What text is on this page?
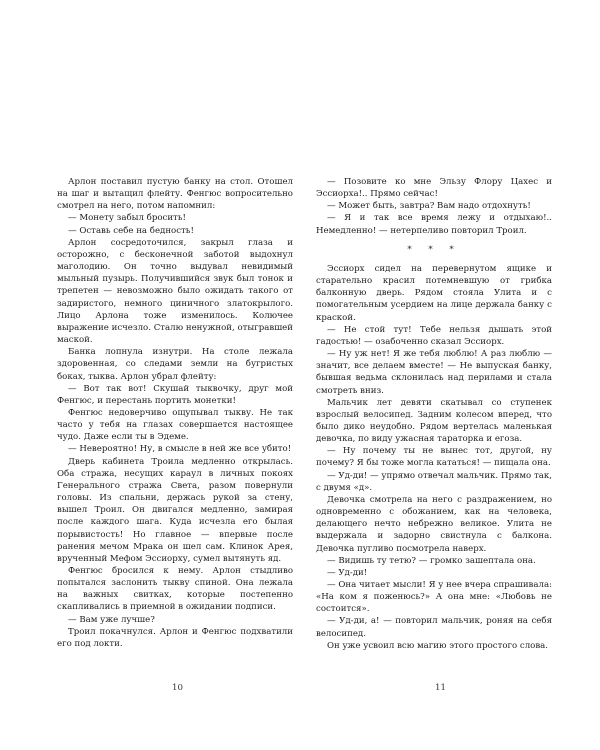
Арлон поставил пустую банку на стол. Отошел на шаг и вытащил флейту. Фенгюс вопросительно смотрел на него, потом напомнил:

— Монету забыл бросить!

— Оставь себе на бедность!

Арлон сосредоточился, закрыл глаза и осторожно, с бесконечной заботой выдохнул маголодию. Он точно выдувал невидимый мыльный пузырь. Получившийся звук был тонок и трепетен — невозможно было ожидать такого от задиристого, немного циничного златокрылого. Лицо Арлона тоже изменилось. Колючее выражение исчезло. Сталю ненужной, отыгравшей маской.

Банка лопнула изнутри. На столе лежала здоровенная, со следами земли на бугристых боках, тыква. Арлон убрал флейту:

— Вот так вот! Скушай тыквочку, друг мой Фенгюс, и перестань портить монетки!

Фенгюс недоверчиво ощупывал тыкву. Не так часто у тебя на глазах совершается настоящее чудо. Даже если ты в Эдеме.

— Невероятно! Ну, в смысле в ней же все убито!

Дверь кабинета Троила медленно открылась. Оба стража, несущих караул в личных покоях Генерального стража Света, разом повернули головы. Из спальни, держась рукой за стену, вышел Троил. Он двигался медленно, замирая после каждого шага. Куда исчезла его былая порывистость! Но главное — впервые после ранения мечом Мрака он шел сам. Клинок Арея, врученный Мефом Эссиорху, сумел вытянуть яд.

Фенгюс бросился к нему. Арлон стыдливо попытался заслонить тыкву спиной. Она лежала на важных свитках, которые постепенно скапливались в приемной в ожидании подписи.

— Вам уже лучше?

Троил покачнулся. Арлон и Фенгюс подхватили его под локти.

— Позовите ко мне Эльзу Флору Цахес и Эссиорха!.. Прямо сейчас!

— Может быть, завтра? Вам надо отдохнуть!

— Я и так все время лежу и отдыхаю!.. Немедленно! — нетерпеливо повторил Троил.

* * *

Эссиорх сидел на перевернутом ящике и старательно красил потемневшую от грибка балконную дверь. Рядом стояла Улита и с помогательным усердием на лице держала банку с краской.

— Не стой тут! Тебе нельзя дышать этой гадостью! — озабоченно сказал Эссиорх.

— Ну уж нет! Я же тебя люблю! А раз люблю — значит, все делаем вместе! — Не выпуская банку, бывшая ведьма склонилась над перилами и стала смотреть вниз.

Мальчик лет девяти скатывал со ступенек взрослый велосипед. Задним колесом вперед, что было дико неудобно. Рядом вертелась маленькая девочка, по виду ужасная тараторка и егоза.

— Ну почему ты не вынес тот, другой, ну почему? Я бы тоже могла кататься! — пищала она.

— Уд-ди! — упрямо отвечал мальчик. Прямо так, с двумя «д».

Девочка смотрела на него с раздражением, но одновременно с обожанием, как на человека, делающего нечто небрежно великое. Улита не выдержала и задорно свистнула с балкона. Девочка пугливо посмотрела наверх.

— Видишь ту тетю? — громко зашептала она.

— Уд-ди!

— Она читает мысли! Я у нее вчера спрашивала: «На ком я поженюсь?» А она мне: «Любовь не состоится».

— Уд-ди, а! — повторил мальчик, роняя на себя велосипед.

Он уже усвоил всю магию этого простого слова.

10	11
